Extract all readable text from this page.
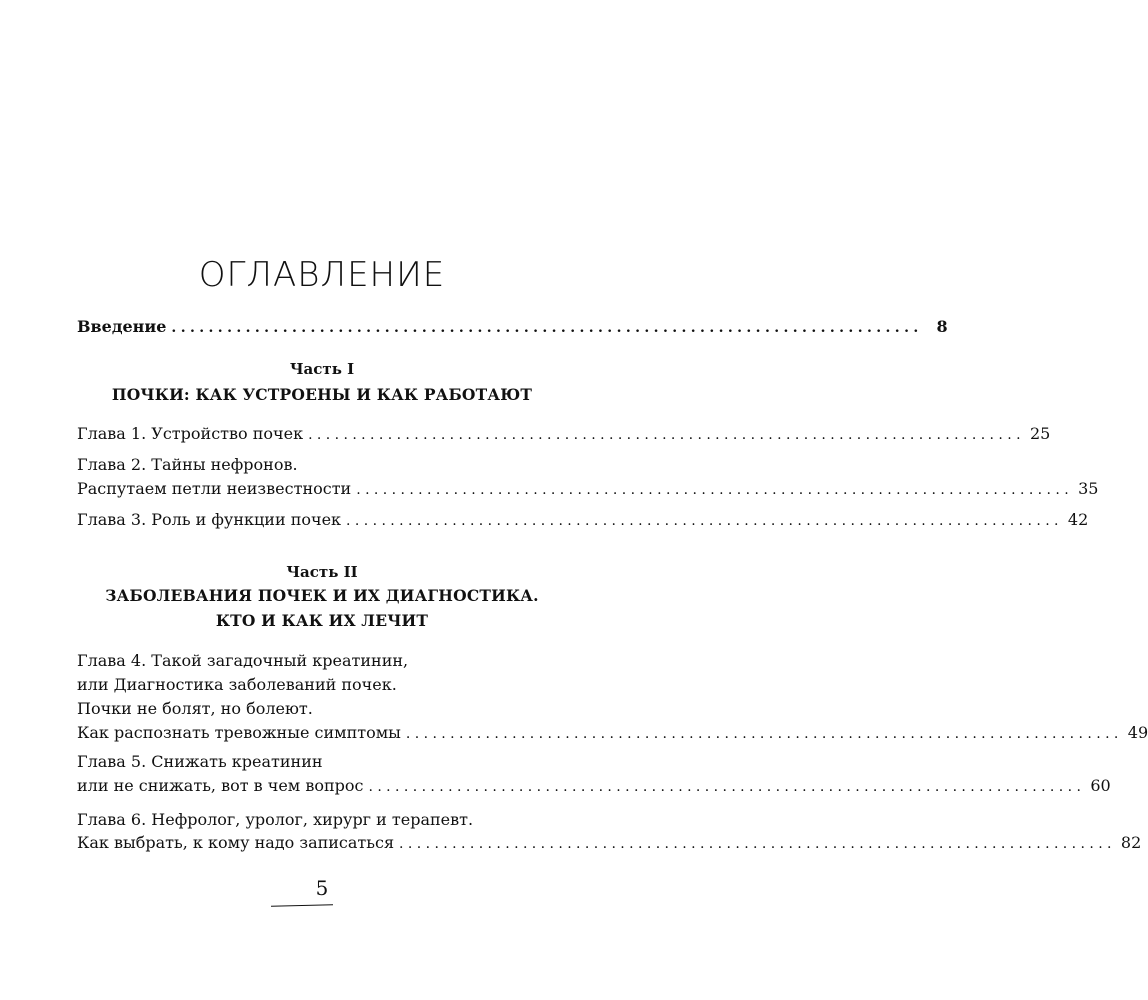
ОГЛАВЛЕНИЕ
Введение ................................................................................. 8
Часть I
ПОЧКИ: КАК УСТРОЕНЫ И КАК РАБОТАЮТ
Глава 1. Устройство почек ................................................................................. 25
Глава 2. Тайны нефронов.
Распутаем петли неизвестности ................................................................................. 35
Глава 3. Роль и функции почек ................................................................................. 42
Часть II
ЗАБОЛЕВАНИЯ ПОЧЕК И ИХ ДИАГНОСТИКА.
КТО И КАК ИХ ЛЕЧИТ
Глава 4. Такой загадочный креатинин,
или Диагностика заболеваний почек.
Почки не болят, но болеют.
Как распознать тревожные симптомы ................................................................................. 49
Глава 5. Снижать креатинин
или не снижать, вот в чем вопрос ................................................................................. 60
Глава 6. Нефролог, уролог, хирург и терапевт.
Как выбрать, к кому надо записаться ................................................................................. 82
5
